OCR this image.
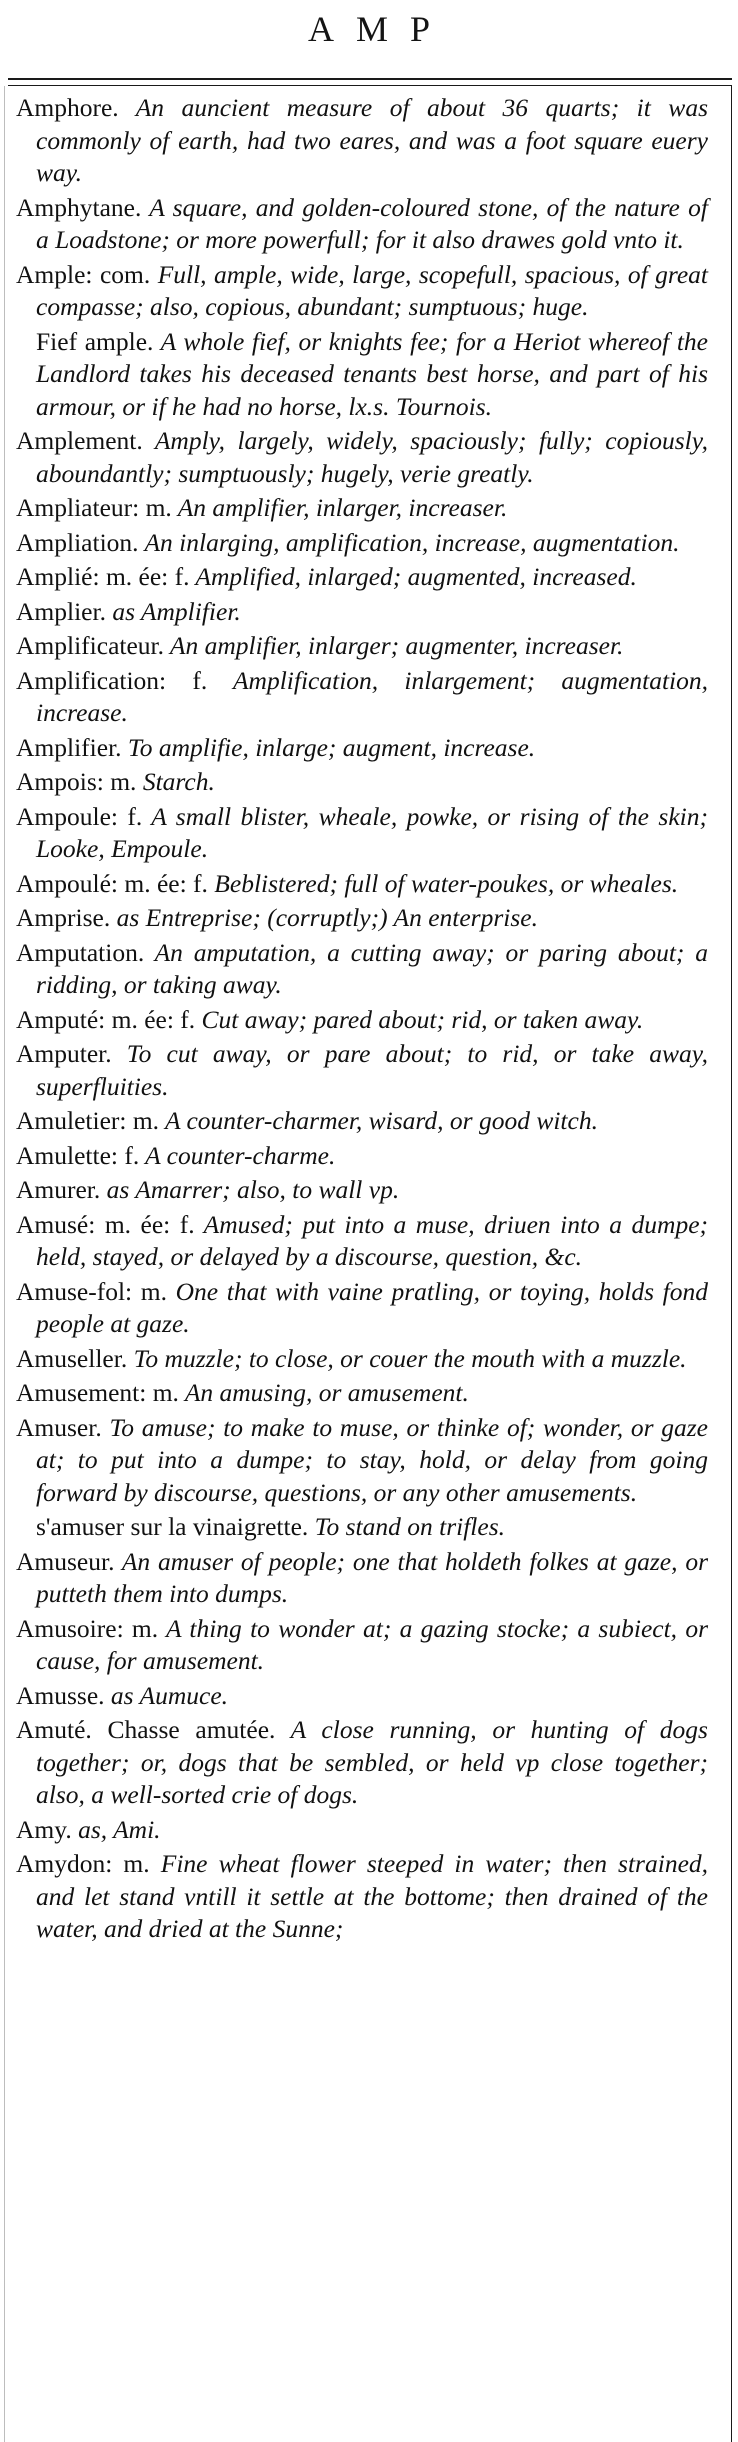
AMP

Amphore. An auncient measure of about 36 quarts; it was commonly of earth, had two eares, and was a foot square euery way.

Amphytane. A square, and golden-coloured stone, of the nature of a Loadstone; or more powerfull; for it also drawes gold vnto it.

Ample: com. Full, ample, wide, large, scopefull, spacious, of great compasse; also, copious, abundant; sumptuous; huge.

Fief ample. A whole fief, or knights fee; for a Heriot whereof the Landlord takes his deceased tenants best horse, and part of his armour, or if he had no horse, lx.s. Tournois.

Amplement. Amply, largely, widely, spaciously; fully; copiously, aboundantly; sumptuously; hugely, verie greatly.

Ampliateur: m. An amplifier, inlarger, increaser.

Ampliation. An inlarging, amplification, increase, augmentation.

Amplié: m. ée: f. Amplified, inlarged; augmented, increased.

Amplier. as Amplifier.

Amplificateur. An amplifier, inlarger; augmenter, increaser.

Amplification: f. Amplification, inlargement; augmentation, increase.

Amplifier. To amplifie, inlarge; augment, increase.

Ampois: m. Starch.

Ampoule: f. A small blister, wheale, powke, or rising of the skin; Looke, Empoule.

Ampoulé: m. ée: f. Beblistered; full of water-poukes, or wheales.

Amprise. as Entreprise; (corruptly;) An enterprise.

Amputation. An amputation, a cutting away; or paring about; a ridding, or taking away.

Amputé: m. ée: f. Cut away; pared about; rid, or taken away.

Amputer. To cut away, or pare about; to rid, or take away, superfluities.

Amuletier: m. A counter-charmer, wisard, or good witch.

Amulette: f. A counter-charme.

Amurer. as Amarrer; also, to wall vp.

Amusé: m. ée: f. Amused; put into a muse, driuen into a dumpe; held, stayed, or delayed by a discourse, question, &c.

Amuse-fol: m. One that with vaine pratling, or toying, holds fond people at gaze.

Amuseller. To muzzle; to close, or couer the mouth with a muzzle.

Amusement: m. An amusing, or amusement.

Amuser. To amuse; to make to muse, or thinke of; wonder, or gaze at; to put into a dumpe; to stay, hold, or delay from going forward by discourse, questions, or any other amusements.

s'amuser sur la vinaigrette. To stand on trifles.

Amuseur. An amuser of people; one that holdeth folkes at gaze, or putteth them into dumps.

Amusoire: m. A thing to wonder at; a gazing stocke; a subiect, or cause, for amusement.

Amusse. as Aumuce.

Amuté. Chasse amutée. A close running, or hunting of dogs together; or, dogs that be sembled, or held vp close together; also, a well-sorted crie of dogs.

Amy. as, Ami.

Amydon: m. Fine wheat flower steeped in water; then strained, and let stand vntill it settle at the bottome; then drained of the water, and dried at the Sunne;
